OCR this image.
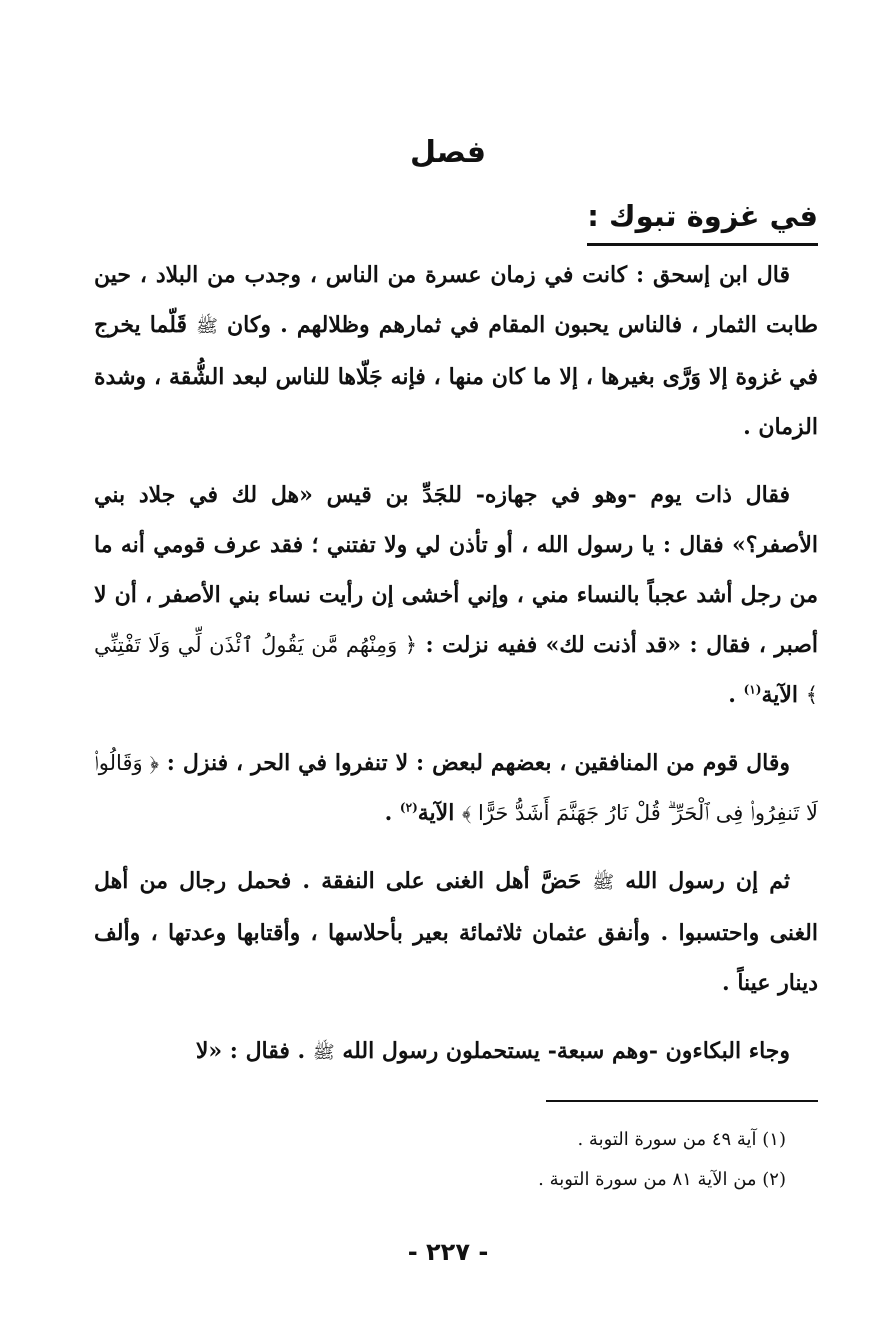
فصل
في غزوة تبوك :

قال ابن إسحق : كانت في زمان عسرة من الناس ، وجدب من البلاد ، حين طابت الثمار ، فالناس يحبون المقام في ثمارهم وظلالهم . وكان ﷺ قَلّما يخرج في غزوة إلا وَرَّى بغيرها ، إلا ما كان منها ، فإنه جَلّاها للناس لبعد الشُّقة ، وشدة الزمان .

فقال ذات يوم -وهو في جهازه- للجَدِّ بن قيس «هل لك في جلاد بني الأصفر؟» فقال : يا رسول الله ، أو تأذن لي ولا تفتني ؛ فقد عرف قومي أنه ما من رجل أشد عجباً بالنساء مني ، وإني أخشى إن رأيت نساء بني الأصفر ، أن لا أصبر ، فقال : «قد أذنت لك» ففيه نزلت : ﴿ وَمِنْهُم مَّن يَقُولُ ٱئْذَن لِّي وَلَا تَفْتِنِّي ﴾ الآية$^{(١)}$ .

وقال قوم من المنافقين ، بعضهم لبعض : لا تنفروا في الحر ، فنزل : ﴿ وَقَالُوا۟ لَا تَنفِرُوا۟ فِى ٱلْحَرِّ ۗ قُلْ نَارُ جَهَنَّمَ أَشَدُّ حَرًّا ﴾ الآية$^{(٢)}$ .

ثم إن رسول الله ﷺ حَضَّ أهل الغنى على النفقة . فحمل رجال من أهل الغنى واحتسبوا . وأنفق عثمان ثلاثمائة بعير بأحلاسها ، وأقتابها وعدتها ، وألف دينار عيناً .

وجاء البكاءون -وهم سبعة- يستحملون رسول الله ﷺ . فقال : «لا

(١) آية ٤٩ من سورة التوبة .

(٢) من الآية ٨١ من سورة التوبة .

- ٢٢٧ -
